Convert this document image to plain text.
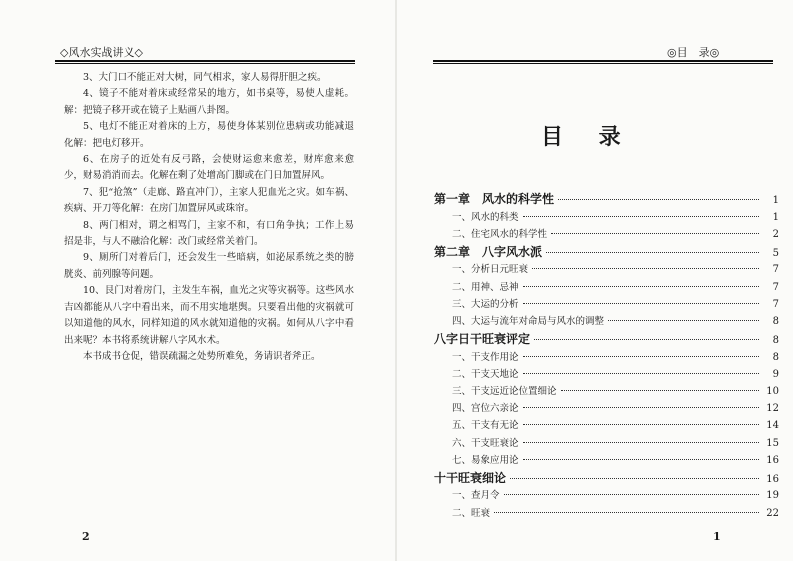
◇风水实战讲义◇

3、大门口不能正对大树，同气相求，家人易得肝胆之疾。

4、镜子不能对着床或经常呆的地方，如书桌等，易使人虚耗。解：把镜子移开或在镜子上贴画八卦图。

5、电灯不能正对着床的上方，易使身体某别位患病或功能减退化解：把电灯移开。

6、在房子的近处有反弓路，会使财运愈来愈差，财库愈来愈少，财易消消而去。化解在剩了处增高门脚或在门日加置屏风。

7、犯“抢煞”（走廊、路直冲门），主家人犯血光之灾。如车祸、疾病、开刀等化解：在房门加置屏风或珠帘。

8、两门相对，谓之相骂门，主家不和，有口角争执；工作上易招是非，与人不融洽化解：改门或经常关着门。

9、厕所门对着后门，还会发生一些暗病，如泌尿系统之类的膀胱炎、前列腺等问题。

10、艮门对着房门，主发生车祸，血光之灾等灾祸等。这些风水吉凶都能从八字中看出来，而不用实地堪舆。只要看出他的灾祸就可以知道他的风水，同样知道的风水就知道他的灾祸。如何从八字中看出来呢？本书将系统讲解八字风水术。

本书成书仓促，错误疏漏之处势所难免，务请识者斧正。

2
◎目　录◎
目 录
第一章　风水的科学性	1
一、风水的科类	1
二、住宅风水的科学性	2
第二章　八字风水派	5
一、分析日元旺衰	7
二、用神、忌神	7
三、大运的分析	7
四、大运与流年对命局与风水的调整	8
八字日干旺衰评定	8
一、干支作用论	8
二、干支天地论	9
三、干支远近论位置细论	10
四、宫位六亲论	12
五、干支有无论	14
六、干支旺衰论	15
七、易象应用论	16
十干旺衰细论	16
一、查月令	19
二、旺衰	22
1
